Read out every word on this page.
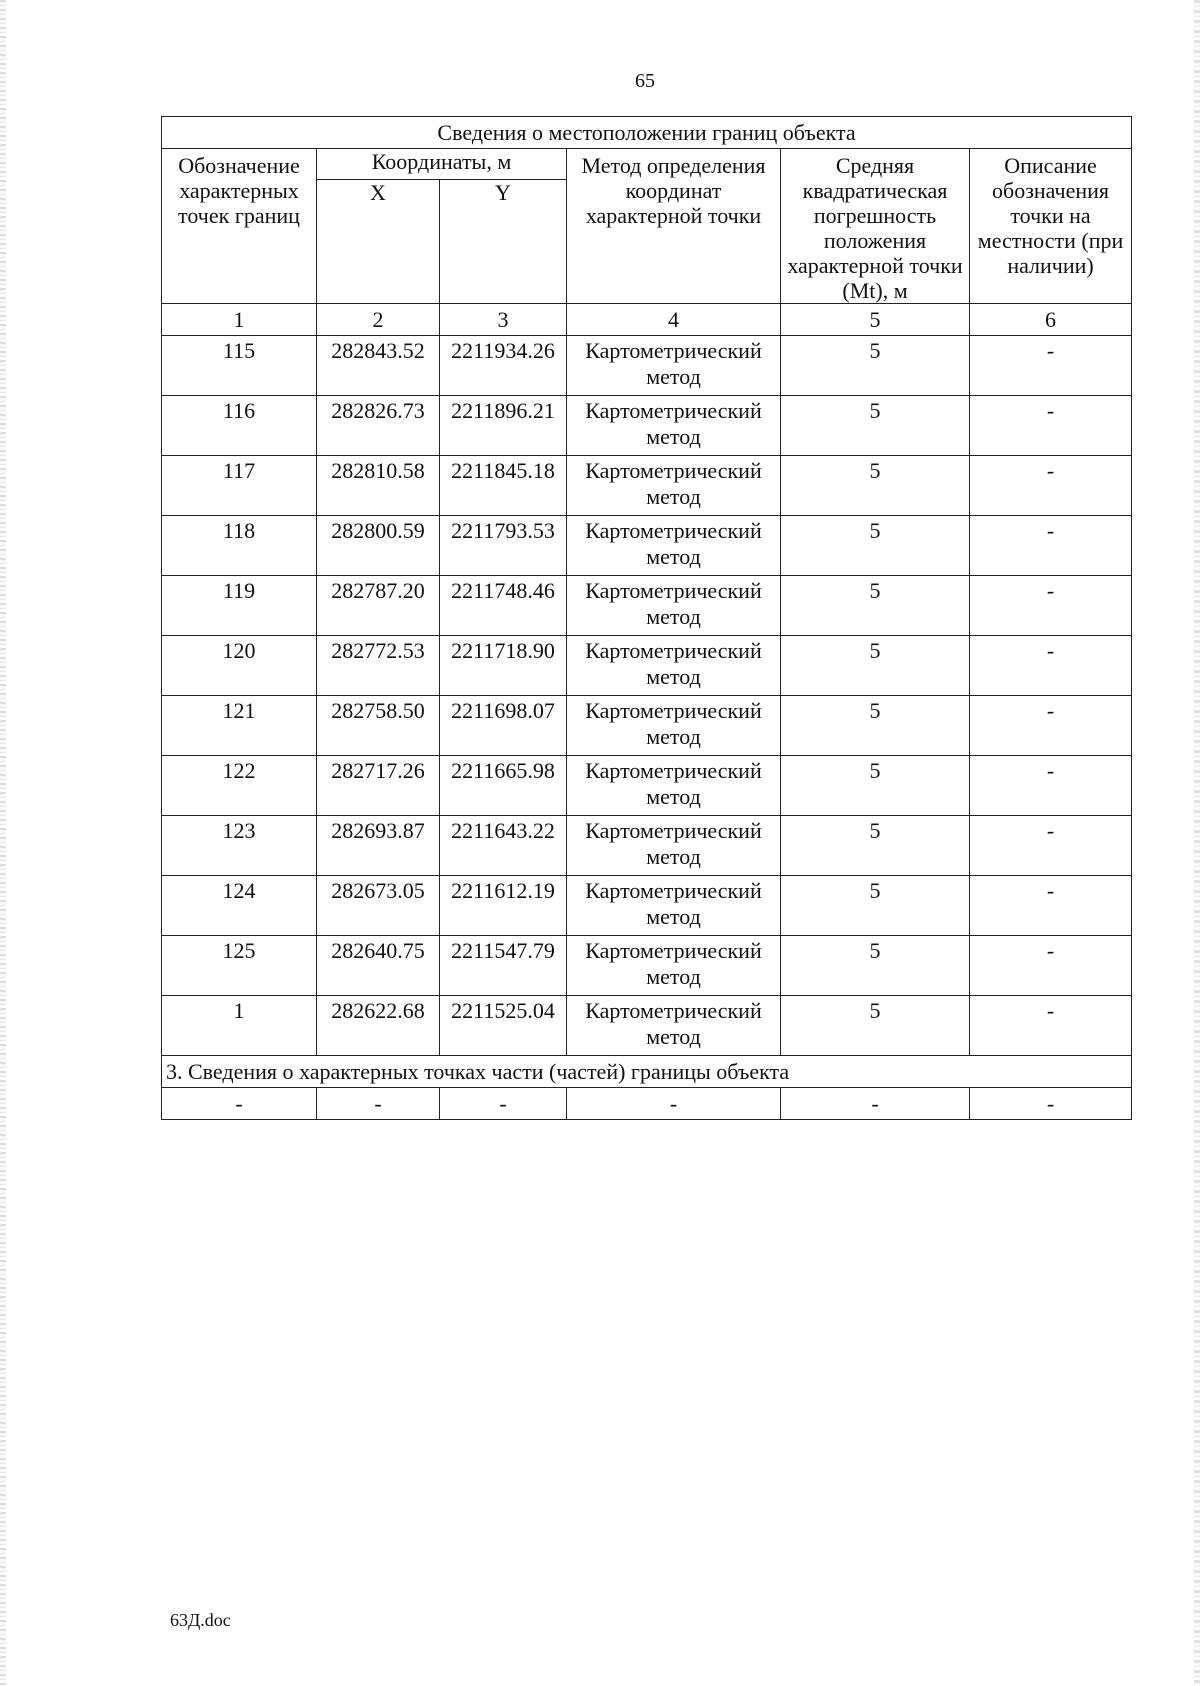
65
Сведения о местоположении границ объекта					
Обозначение характерных точек границ	Координаты, м		Метод определения координат характерной точки	Средняя квадратическая погрешность положения характерной точки (Mt), м	Описание обозначения точки на местности (при наличии)
	X	Y			
1	2	3	4	5	6
115	282843.52	2211934.26	Картометрический метод	5	-
116	282826.73	2211896.21	Картометрический метод	5	-
117	282810.58	2211845.18	Картометрический метод	5	-
118	282800.59	2211793.53	Картометрический метод	5	-
119	282787.20	2211748.46	Картометрический метод	5	-
120	282772.53	2211718.90	Картометрический метод	5	-
121	282758.50	2211698.07	Картометрический метод	5	-
122	282717.26	2211665.98	Картометрический метод	5	-
123	282693.87	2211643.22	Картометрический метод	5	-
124	282673.05	2211612.19	Картометрический метод	5	-
125	282640.75	2211547.79	Картометрический метод	5	-
1	282622.68	2211525.04	Картометрический метод	5	-
3. Сведения о характерных точках части (частей) границы объекта					
-	-	-	-	-	-
63Д.doc
